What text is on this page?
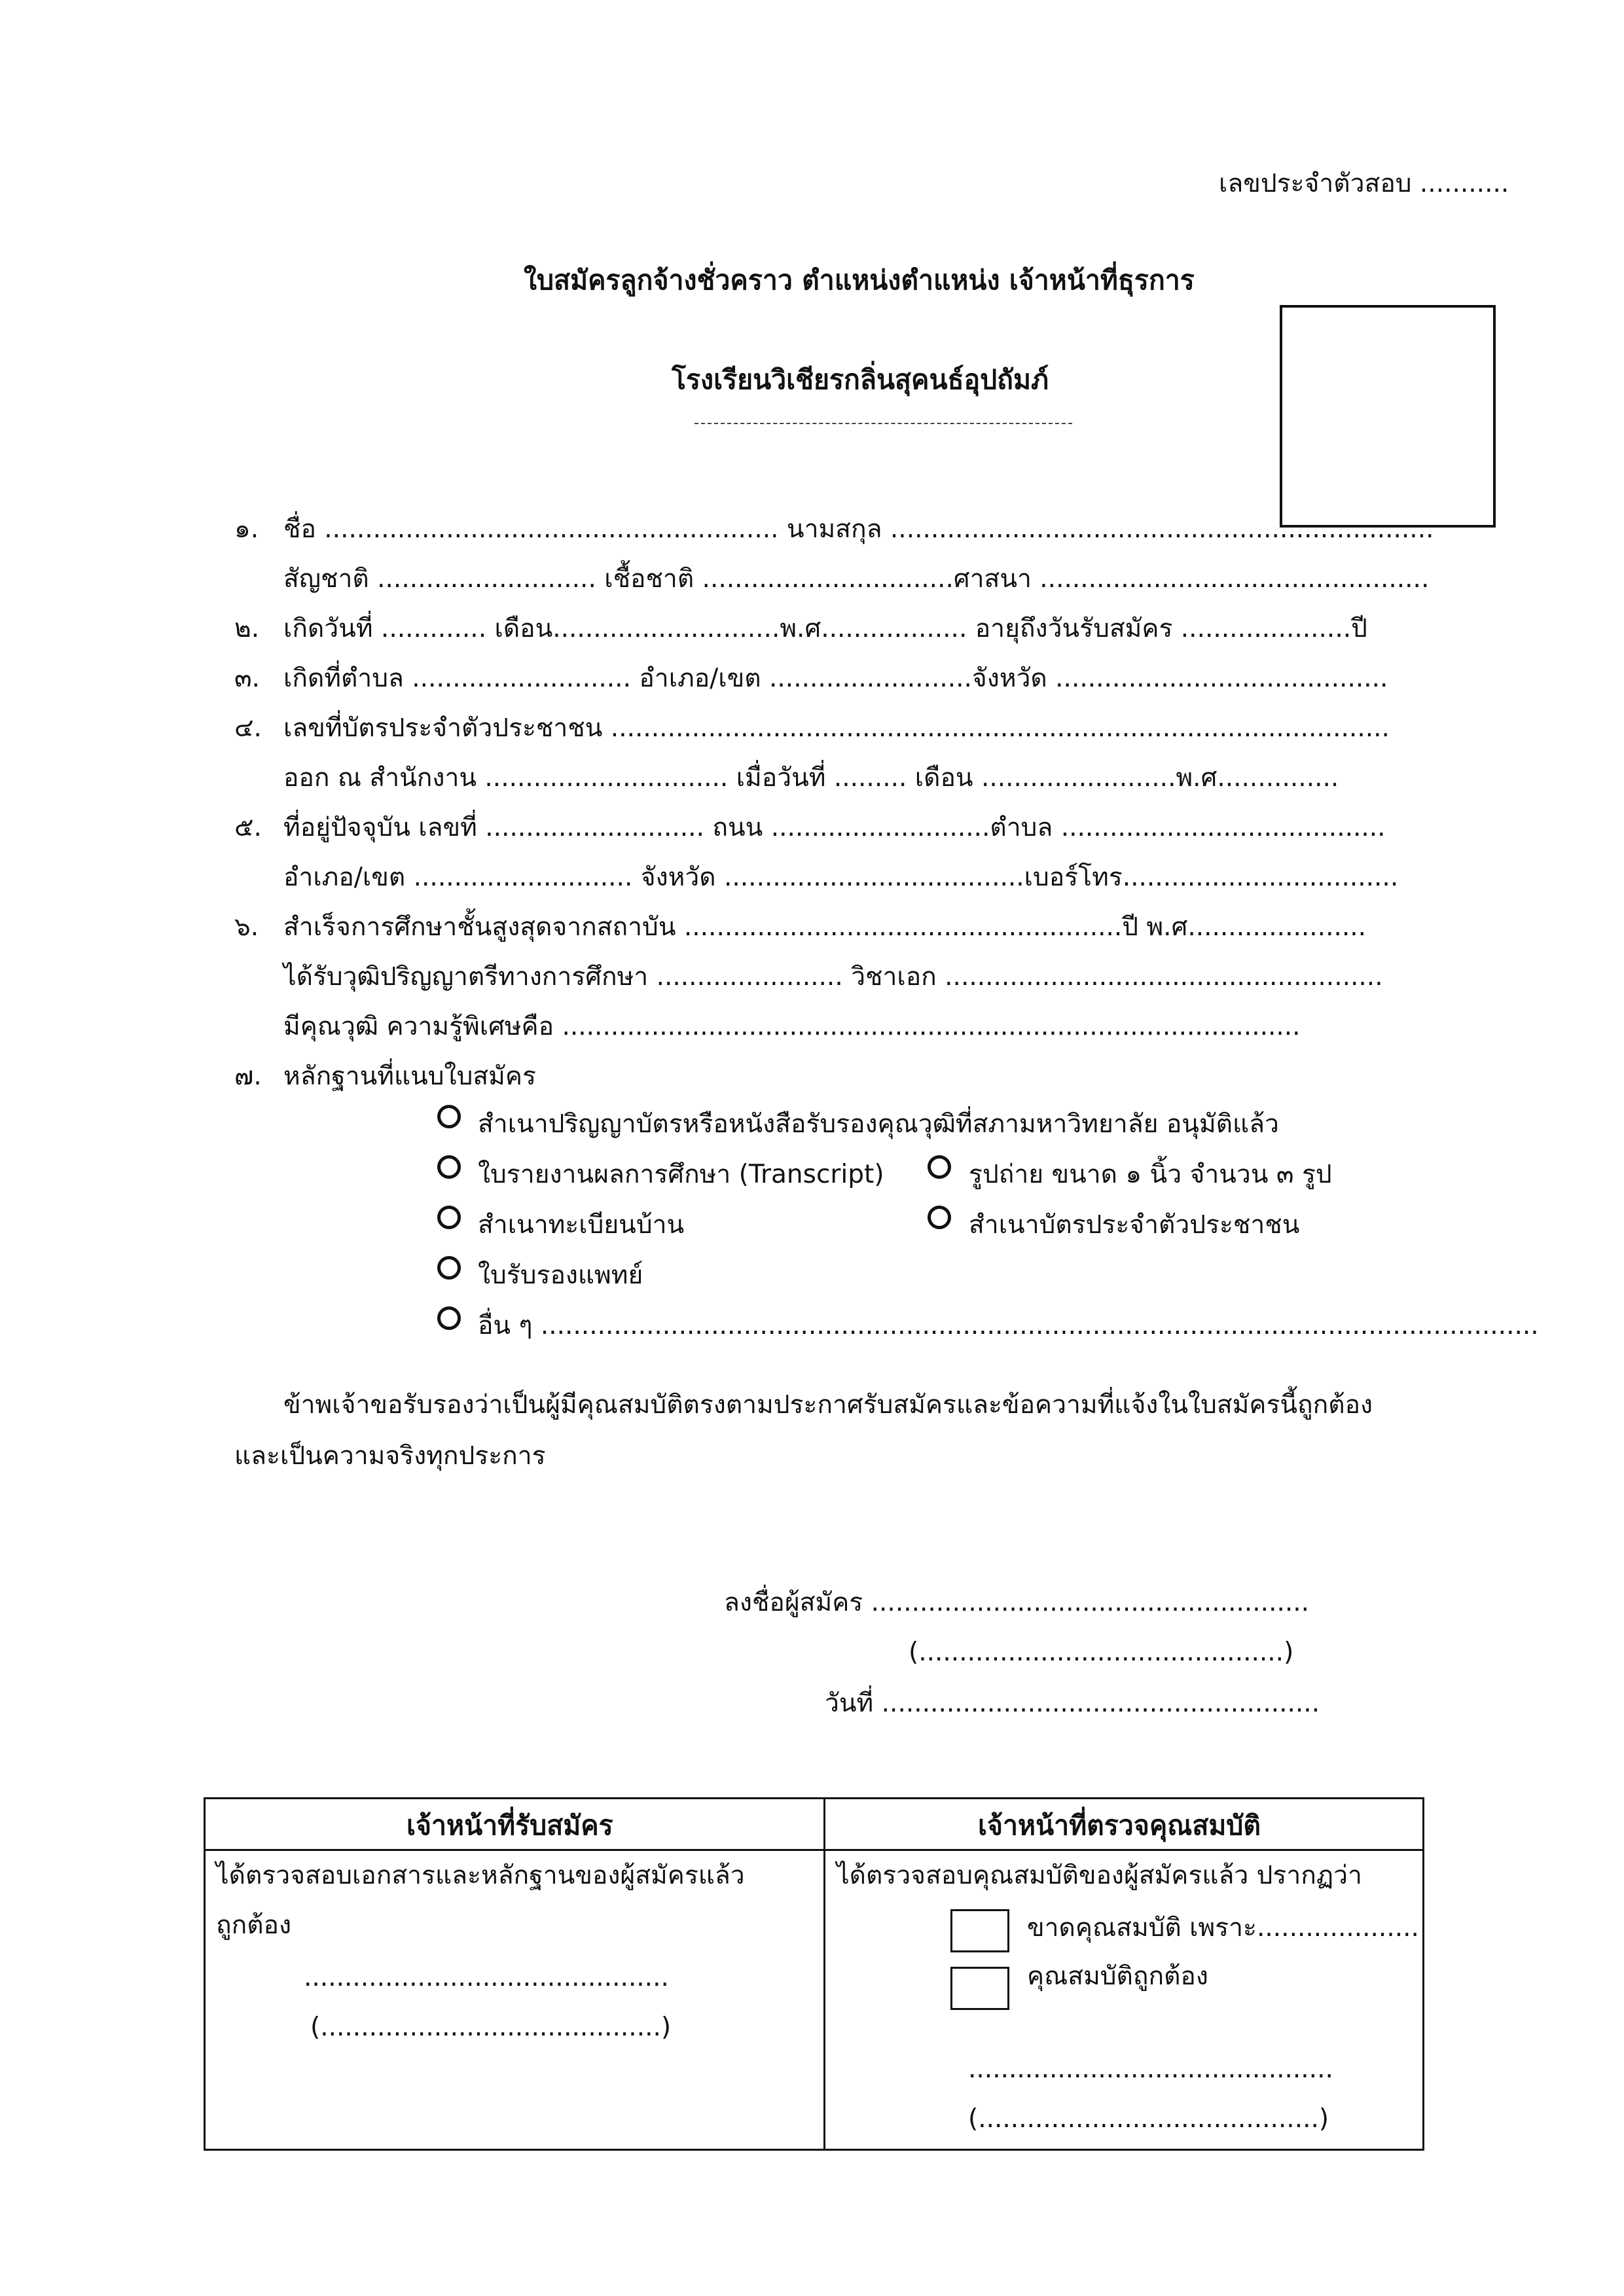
เลขประจำตัวสอบ ...........
ใบสมัครลูกจ้างชั่วคราว ตำแหน่งตำแหน่ง เจ้าหน้าที่ธุรการ
โรงเรียนวิเชียรกลิ่นสุคนธ์อุปถัมภ์
๑. ชื่อ ........................................................ นามสกุล ...................................................................
สัญชาติ ........................... เชื้อชาติ ...............................ศาสนา ................................................
๒. เกิดวันที่ ............. เดือน............................พ.ศ.................. อายุถึงวันรับสมัคร .....................ปี
๓. เกิดที่ตำบล ........................... อำเภอ/เขต .........................จังหวัด .........................................
๔. เลขที่บัตรประจำตัวประชาชน ................................................................................................
ออก ณ สำนักงาน .............................. เมื่อวันที่ ......... เดือน ........................พ.ศ...............
๕. ที่อยู่ปัจจุบัน เลขที่ ........................... ถนน ...........................ตำบล ........................................
อำเภอ/เขต ........................... จังหวัด .....................................เบอร์โทร..................................
๖. สำเร็จการศึกษาชั้นสูงสุดจากสถาบัน ......................................................ปี พ.ศ......................
ได้รับวุฒิปริญญาตรีทางการศึกษา ....................... วิชาเอก ......................................................
มีคุณวุฒิ ความรู้พิเศษคือ ...........................................................................................
๗. หลักฐานที่แนบใบสมัคร
สำเนาปริญญาบัตรหรือหนังสือรับรองคุณวุฒิที่สภามหาวิทยาลัย อนุมัติแล้ว
ใบรายงานผลการศึกษา (Transcript)	รูปถ่าย ขนาด ๑ นิ้ว จำนวน ๓ รูป
สำเนาทะเบียนบ้าน	สำเนาบัตรประจำตัวประชาชน
ใบรับรองแพทย์
อื่น ๆ ...........................................................................................................................
ข้าพเจ้าขอรับรองว่าเป็นผู้มีคุณสมบัติตรงตามประกาศรับสมัครและข้อความที่แจ้งในใบสมัครนี้ถูกต้อง
และเป็นความจริงทุกประการ
ลงชื่อผู้สมัคร ......................................................
(.............................................)
วันที่ ......................................................
เจ้าหน้าที่รับสมัคร	เจ้าหน้าที่ตรวจคุณสมบัติ
ได้ตรวจสอบเอกสารและหลักฐานของผู้สมัครแล้ว
ถูกต้อง
.............................................
(..........................................)
ได้ตรวจสอบคุณสมบัติของผู้สมัครแล้ว ปรากฏว่า
ขาดคุณสมบัติ เพราะ....................
คุณสมบัติถูกต้อง
.............................................
(..........................................)
